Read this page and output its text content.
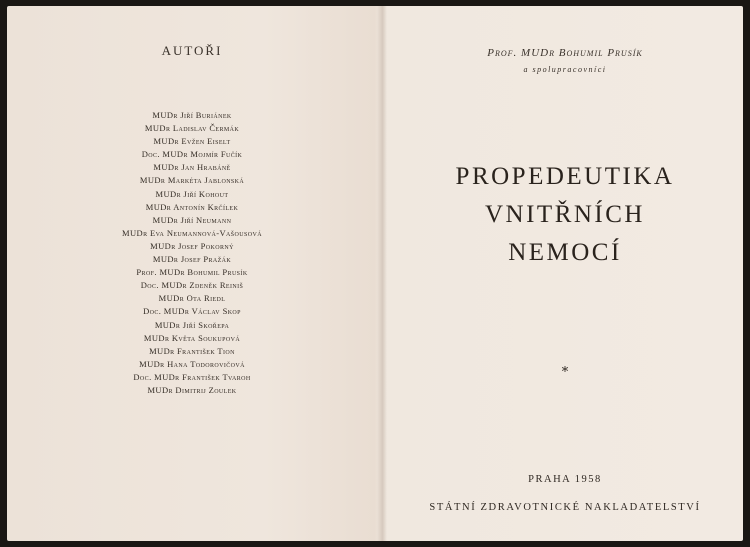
AUTOŘI
MUDr Jiří Buriánek
MUDr Ladislav Čermák
MUDr Evžen Eiselt
Doc. MUDr Mojmír Fučík
MUDr Jan Hrabáně
MUDr Markéta Jablonská
MUDr Jiří Kohout
MUDr Antonín Krčílek
MUDr Jiří Neumann
MUDr Eva Neumannová-Vašousová
MUDr Josef Pokorný
MUDr Josef Pražák
Prof. MUDr Bohumil Prusík
Doc. MUDr Zdeněk Reiniš
MUDr Ota Riedl
Doc. MUDr Václav Skop
MUDr Jiří Skořepa
MUDr Květa Soukupová
MUDr František Tion
MUDr Hana Todorovičová
Doc. MUDr František Tvaroh
MUDr Dimitrij Zoulek
Prof. MUDr Bohumil Prusík
a spolupracovníci
PROPEDEUTIKA
VNITŘNÍCH
NEMOCÍ
*
PRAHA 1958
STÁTNÍ ZDRAVOTNICKÉ NAKLADATELSTVÍ
